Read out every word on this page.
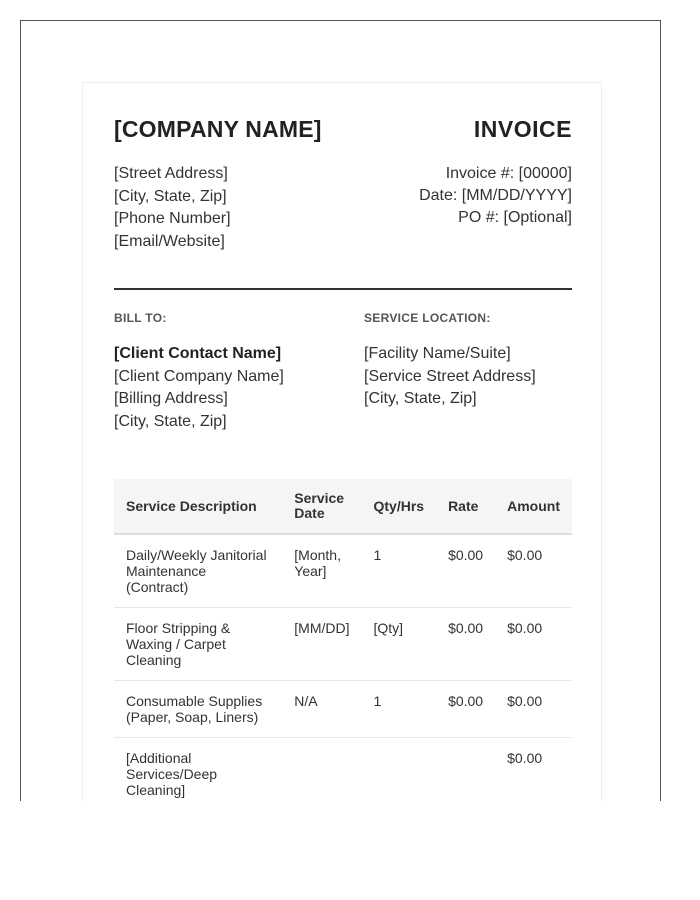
[COMPANY NAME]	INVOICE
[Street Address]
[City, State, Zip]
[Phone Number]
[Email/Website]
Invoice #: [00000]
Date: [MM/DD/YYYY]
PO #: [Optional]
BILL TO:
[Client Contact Name]
[Client Company Name]
[Billing Address]
[City, State, Zip]
SERVICE LOCATION:
[Facility Name/Suite]
[Service Street Address]
[City, State, Zip]
Service Description	Service Date	Qty/Hrs	Rate	Amount
Daily/Weekly Janitorial Maintenance (Contract)	[Month, Year]	1	$0.00	$0.00
Floor Stripping & Waxing / Carpet Cleaning	[MM/DD]	[Qty]	$0.00	$0.00
Consumable Supplies (Paper, Soap, Liners)	N/A	1	$0.00	$0.00
[Additional Services/Deep Cleaning]				$0.00
